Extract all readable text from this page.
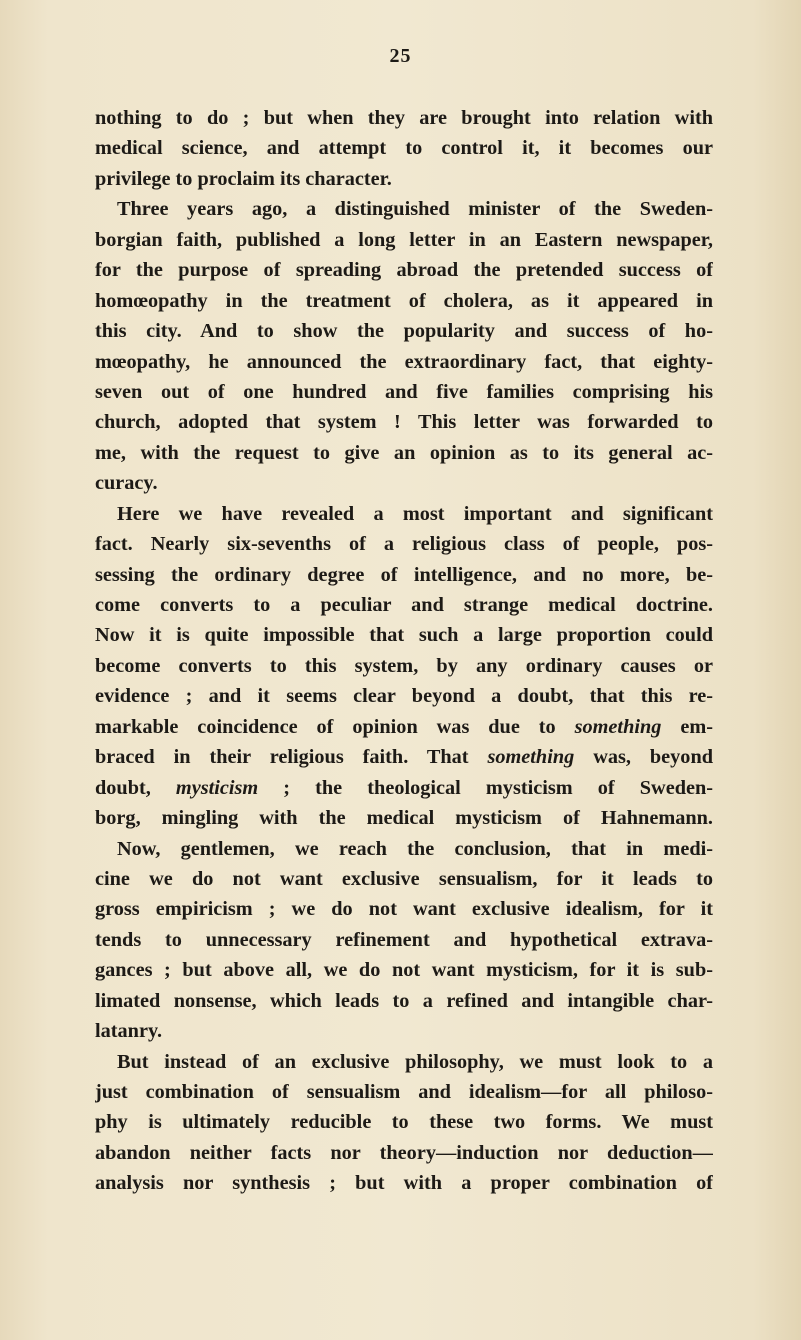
25
nothing to do ; but when they are brought into relation with
medical science, and attempt to control it, it becomes our
privilege to proclaim its character.
Three years ago, a distinguished minister of the Sweden-
borgian faith, published a long letter in an Eastern newspaper,
for the purpose of spreading abroad the pretended success of
homœopathy in the treatment of cholera, as it appeared in
this city. And to show the popularity and success of ho-
mœopathy, he announced the extraordinary fact, that eighty-
seven out of one hundred and five families comprising his
church, adopted that system ! This letter was forwarded to
me, with the request to give an opinion as to its general ac-
curacy.
Here we have revealed a most important and significant
fact. Nearly six-sevenths of a religious class of people, pos-
sessing the ordinary degree of intelligence, and no more, be-
come converts to a peculiar and strange medical doctrine.
Now it is quite impossible that such a large proportion could
become converts to this system, by any ordinary causes or
evidence ; and it seems clear beyond a doubt, that this re-
markable coincidence of opinion was due to something em-
braced in their religious faith. That something was, beyond
doubt, mysticism ; the theological mysticism of Sweden-
borg, mingling with the medical mysticism of Hahnemann.
Now, gentlemen, we reach the conclusion, that in medi-
cine we do not want exclusive sensualism, for it leads to
gross empiricism ; we do not want exclusive idealism, for it
tends to unnecessary refinement and hypothetical extrava-
gances ; but above all, we do not want mysticism, for it is sub-
limated nonsense, which leads to a refined and intangible char-
latanry.
But instead of an exclusive philosophy, we must look to a
just combination of sensualism and idealism—for all philoso-
phy is ultimately reducible to these two forms. We must
abandon neither facts nor theory—induction nor deduction—
analysis nor synthesis ; but with a proper combination of
